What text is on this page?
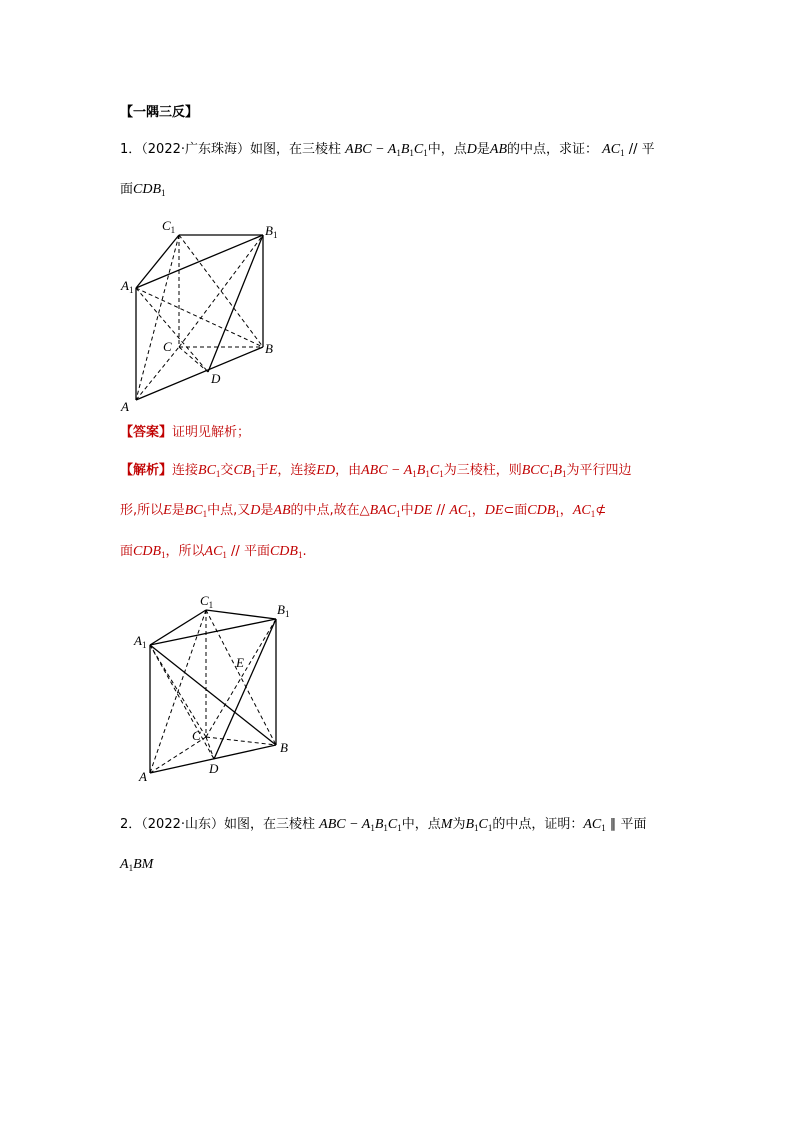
【一隅三反】
1．（2022·广东珠海）如图，在三棱柱 ABC − $A_1B_1C_1$中，点D是AB的中点，求证： $AC_1$ // 平
面$CDB_1$
$C_1$	$B_1$
$A_1$
C	B
D
A
【答案】证明见解析；
【解析】连接$BC_1$交$CB_1$于E，连接ED，由ABC − $A_1B_1C_1$为三棱柱，则$BCC_1B_1$为平行四边
形,所以E是$BC_1$中点,又D是AB的中点,故在$\triangle BAC_1$中DE // $AC_1$，DE⊂面$CDB_1$，$AC_1⊄$
面$CDB_1$，所以$AC_1$ // 平面$CDB_1$.
$C_1$	$B_1$
$A_1$
E
C
B
D
A
2．（2022·山东）如图，在三棱柱 ABC − $A_1B_1C_1$中，点M为$B_1C_1$的中点，证明：$AC_1$ ∥ 平面
$A_1BM$
